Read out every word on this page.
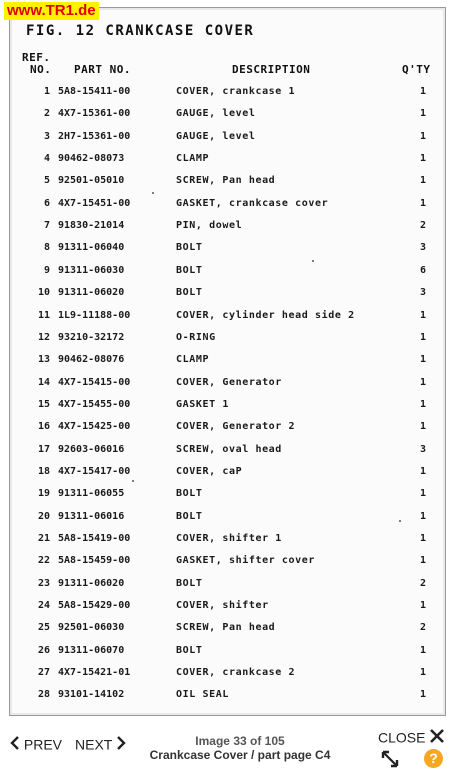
www.TR1.de
FIG. 12 CRANKCASE COVER
REF.
NO. PART NO.	DESCRIPTION	Q'TY
1 5A8-15411-00	COVER, crankcase 1	1
2 4X7-15361-00	GAUGE, level	1
3 2H7-15361-00	GAUGE, level	1
4 90462-08073	CLAMP	1
5 92501-05010	SCREW, Pan head	1
6 4X7-15451-00	GASKET, crankcase cover	1
7 91830-21014	PIN, dowel	2
8 91311-06040	BOLT	3
9 91311-06030	BOLT	6
10 91311-06020	BOLT	3
11 1L9-11188-00	COVER, cylinder head side 2	1
12 93210-32172	O-RING	1
13 90462-08076	CLAMP	1
14 4X7-15415-00	COVER, Generator	1
15 4X7-15455-00	GASKET 1	1
16 4X7-15425-00	COVER, Generator 2	1
17 92603-06016	SCREW, oval head	3
18 4X7-15417-00	COVER, caP	1
19 91311-06055	BOLT	1
20 91311-06016	BOLT	1
21 5A8-15419-00	COVER, shifter 1	1
22 5A8-15459-00	GASKET, shifter cover	1
23 91311-06020	BOLT	2
24 5A8-15429-00	COVER, shifter	1
25 92501-06030	SCREW, Pan head	2
26 91311-06070	BOLT	1
27 4X7-15421-01	COVER, crankcase 2	1
28 93101-14102	OIL SEAL	1
PREV NEXT	Image 33 of 105
Crankcase Cover / part page C4
CLOSE
?
